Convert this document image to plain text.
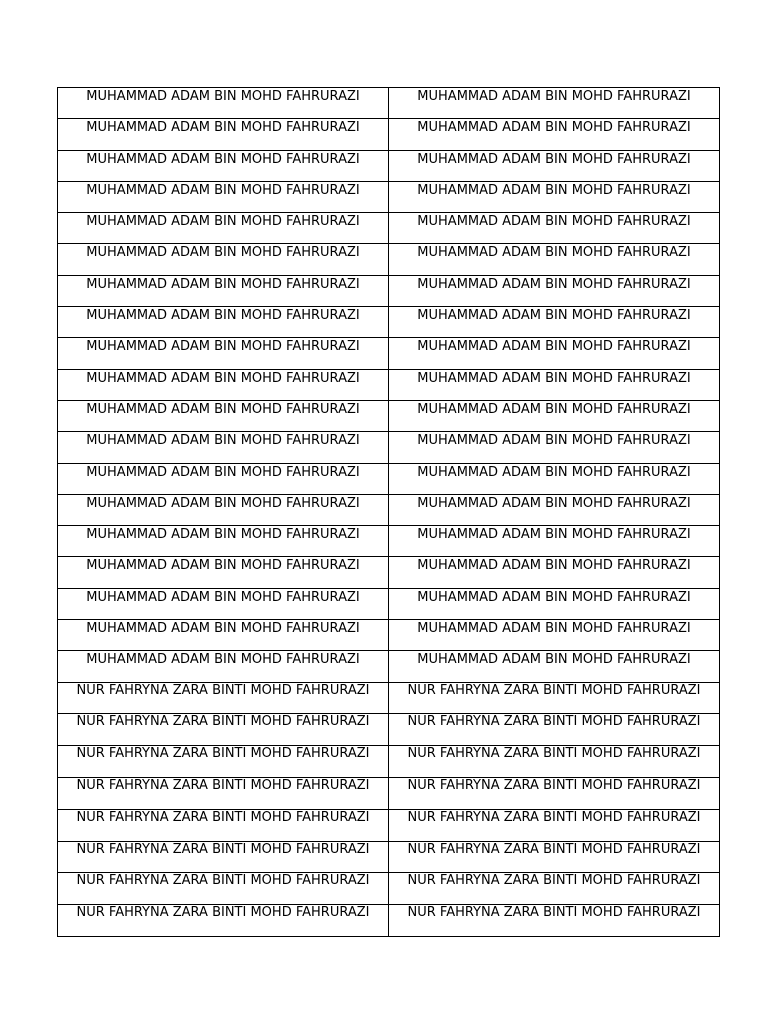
MUHAMMAD ADAM BIN MOHD FAHRURAZI	MUHAMMAD ADAM BIN MOHD FAHRURAZI
MUHAMMAD ADAM BIN MOHD FAHRURAZI	MUHAMMAD ADAM BIN MOHD FAHRURAZI
MUHAMMAD ADAM BIN MOHD FAHRURAZI	MUHAMMAD ADAM BIN MOHD FAHRURAZI
MUHAMMAD ADAM BIN MOHD FAHRURAZI	MUHAMMAD ADAM BIN MOHD FAHRURAZI
MUHAMMAD ADAM BIN MOHD FAHRURAZI	MUHAMMAD ADAM BIN MOHD FAHRURAZI
MUHAMMAD ADAM BIN MOHD FAHRURAZI	MUHAMMAD ADAM BIN MOHD FAHRURAZI
MUHAMMAD ADAM BIN MOHD FAHRURAZI	MUHAMMAD ADAM BIN MOHD FAHRURAZI
MUHAMMAD ADAM BIN MOHD FAHRURAZI	MUHAMMAD ADAM BIN MOHD FAHRURAZI
MUHAMMAD ADAM BIN MOHD FAHRURAZI	MUHAMMAD ADAM BIN MOHD FAHRURAZI
MUHAMMAD ADAM BIN MOHD FAHRURAZI	MUHAMMAD ADAM BIN MOHD FAHRURAZI
MUHAMMAD ADAM BIN MOHD FAHRURAZI	MUHAMMAD ADAM BIN MOHD FAHRURAZI
MUHAMMAD ADAM BIN MOHD FAHRURAZI	MUHAMMAD ADAM BIN MOHD FAHRURAZI
MUHAMMAD ADAM BIN MOHD FAHRURAZI	MUHAMMAD ADAM BIN MOHD FAHRURAZI
MUHAMMAD ADAM BIN MOHD FAHRURAZI	MUHAMMAD ADAM BIN MOHD FAHRURAZI
MUHAMMAD ADAM BIN MOHD FAHRURAZI	MUHAMMAD ADAM BIN MOHD FAHRURAZI
MUHAMMAD ADAM BIN MOHD FAHRURAZI	MUHAMMAD ADAM BIN MOHD FAHRURAZI
MUHAMMAD ADAM BIN MOHD FAHRURAZI	MUHAMMAD ADAM BIN MOHD FAHRURAZI
MUHAMMAD ADAM BIN MOHD FAHRURAZI	MUHAMMAD ADAM BIN MOHD FAHRURAZI
MUHAMMAD ADAM BIN MOHD FAHRURAZI	MUHAMMAD ADAM BIN MOHD FAHRURAZI
NUR FAHRYNA ZARA BINTI MOHD FAHRURAZI	NUR FAHRYNA ZARA BINTI MOHD FAHRURAZI
NUR FAHRYNA ZARA BINTI MOHD FAHRURAZI	NUR FAHRYNA ZARA BINTI MOHD FAHRURAZI
NUR FAHRYNA ZARA BINTI MOHD FAHRURAZI	NUR FAHRYNA ZARA BINTI MOHD FAHRURAZI
NUR FAHRYNA ZARA BINTI MOHD FAHRURAZI	NUR FAHRYNA ZARA BINTI MOHD FAHRURAZI
NUR FAHRYNA ZARA BINTI MOHD FAHRURAZI	NUR FAHRYNA ZARA BINTI MOHD FAHRURAZI
NUR FAHRYNA ZARA BINTI MOHD FAHRURAZI	NUR FAHRYNA ZARA BINTI MOHD FAHRURAZI
NUR FAHRYNA ZARA BINTI MOHD FAHRURAZI	NUR FAHRYNA ZARA BINTI MOHD FAHRURAZI
NUR FAHRYNA ZARA BINTI MOHD FAHRURAZI	NUR FAHRYNA ZARA BINTI MOHD FAHRURAZI
